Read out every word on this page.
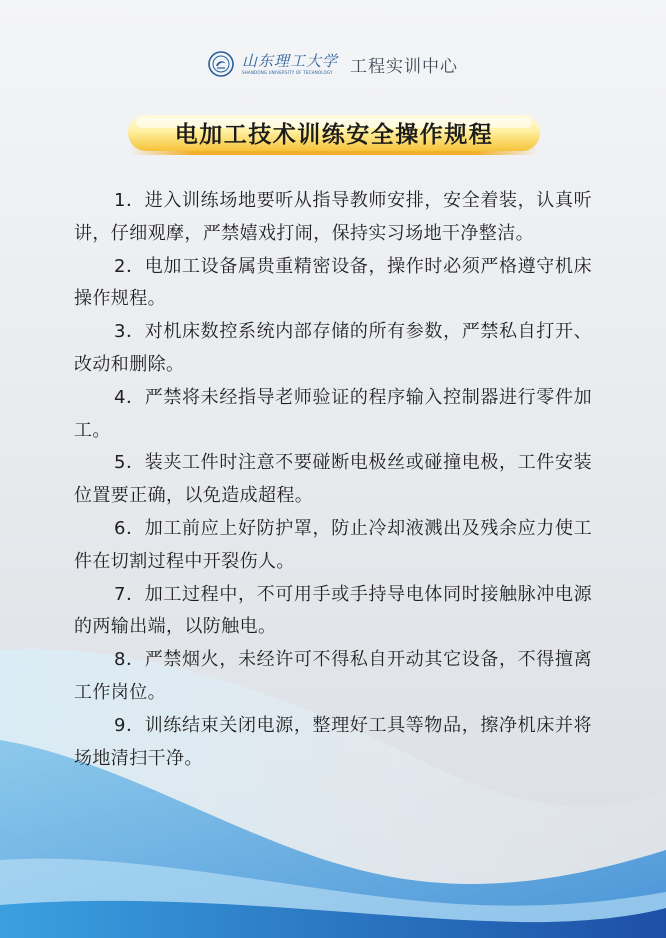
山东理工大学
SHANDONG UNIVERSITY OF TECHNOLOGY	工程实训中心
电加工技术训练安全操作规程
1．进入训练场地要听从指导教师安排，安全着装，认真听讲，仔细观摩，严禁嬉戏打闹，保持实习场地干净整洁。
2．电加工设备属贵重精密设备，操作时必须严格遵守机床操作规程。
3．对机床数控系统内部存储的所有参数，严禁私自打开、改动和删除。
4．严禁将未经指导老师验证的程序输入控制器进行零件加工。
5．装夹工件时注意不要碰断电极丝或碰撞电极，工件安装位置要正确，以免造成超程。
6．加工前应上好防护罩，防止冷却液溅出及残余应力使工件在切割过程中开裂伤人。
7．加工过程中，不可用手或手持导电体同时接触脉冲电源的两输出端，以防触电。
8．严禁烟火，未经许可不得私自开动其它设备，不得擅离工作岗位。
9．训练结束关闭电源，整理好工具等物品，擦净机床并将场地清扫干净。
